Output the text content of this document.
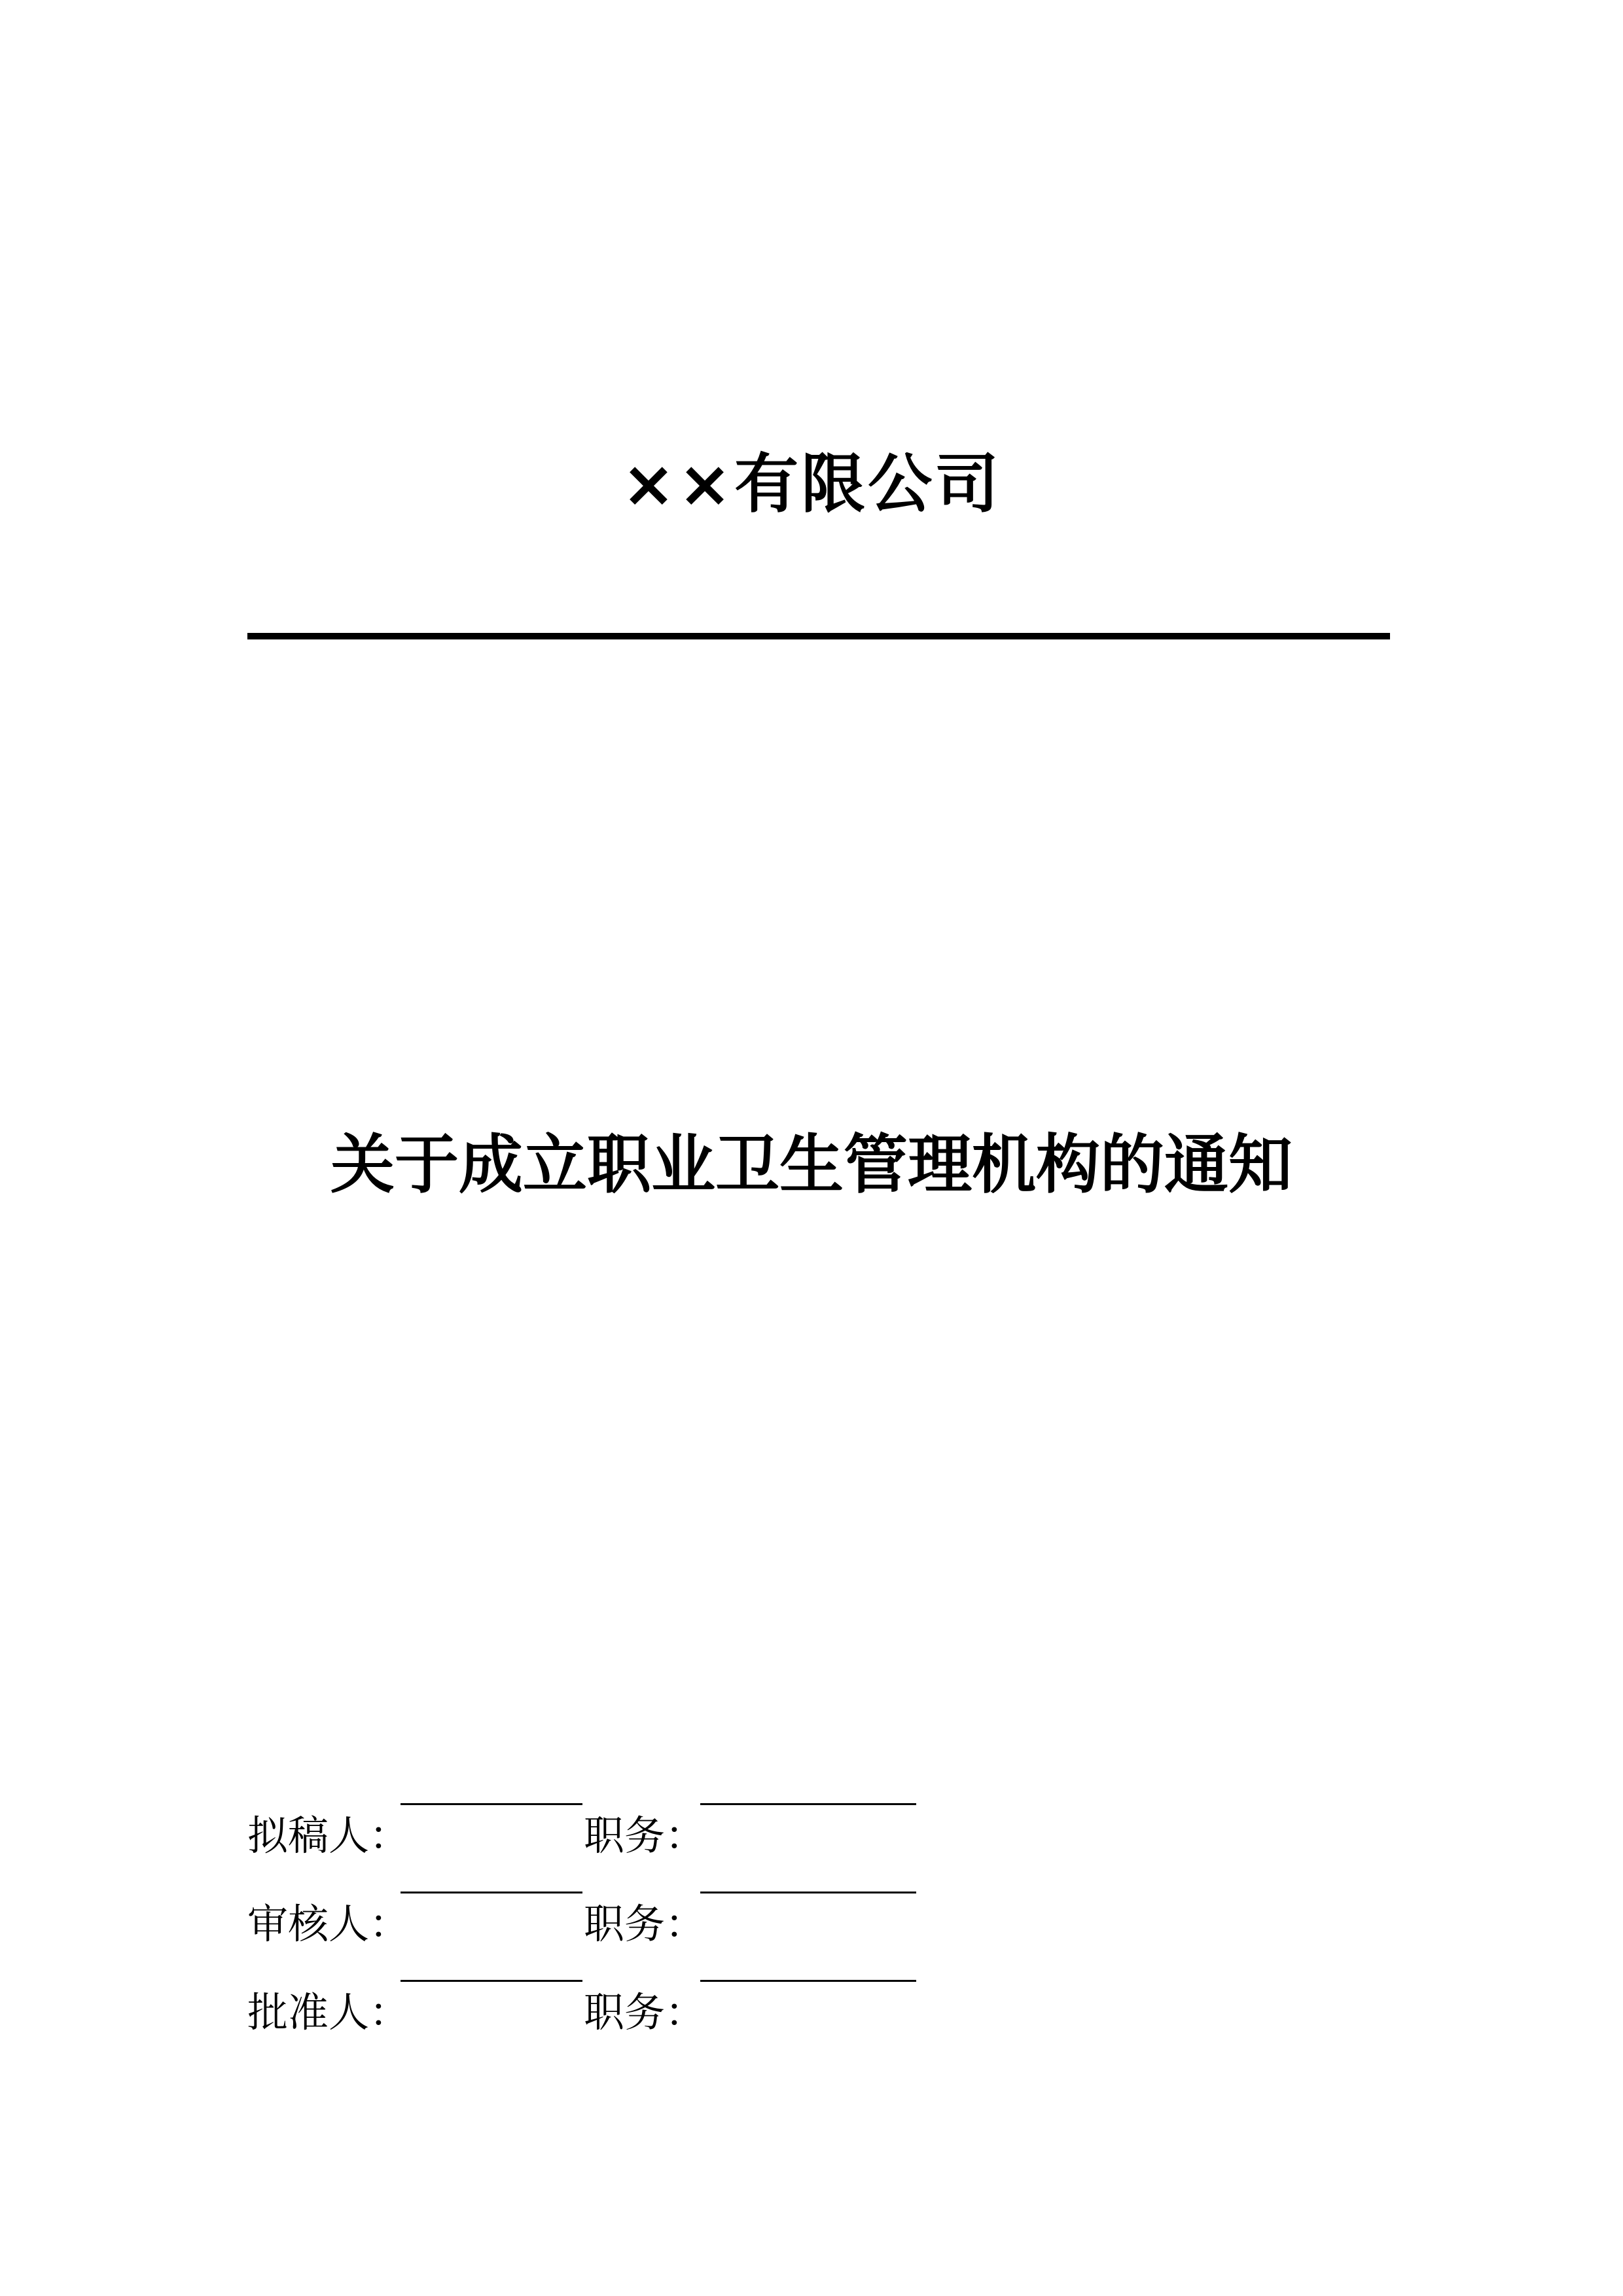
××有限公司
关于成立职业卫生管理机构的通知
拟稿人：	职务：
审核人：	职务：
批准人：	职务：
